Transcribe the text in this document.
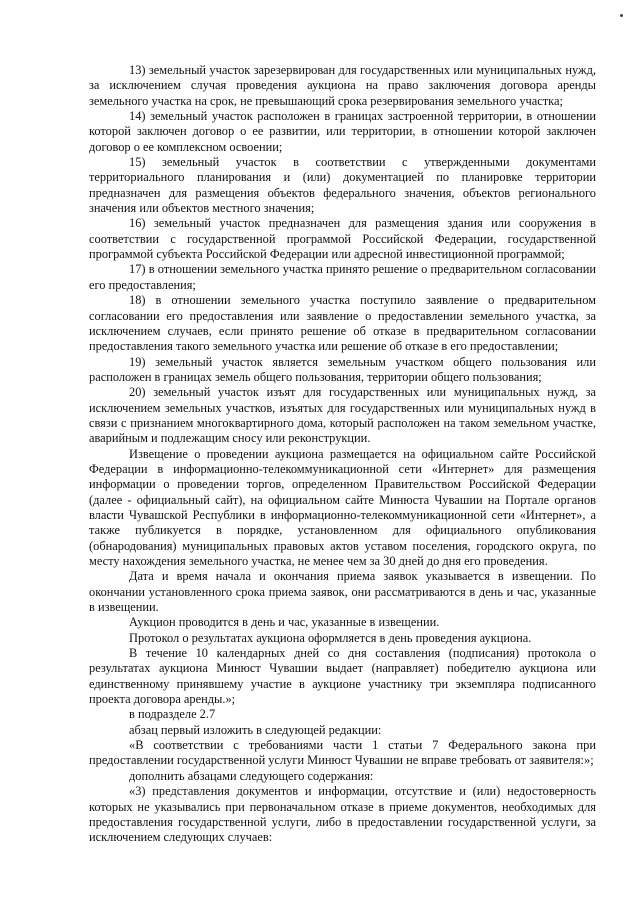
13) земельный участок зарезервирован для государственных или муниципальных нужд, за исключением случая проведения аукциона на право заключения договора аренды земельного участка на срок, не превышающий срока резервирования земельного участка;

14) земельный участок расположен в границах застроенной территории, в отношении которой заключен договор о ее развитии, или территории, в отношении которой заключен договор о ее комплексном освоении;

15) земельный участок в соответствии с утвержденными документами территориального планирования и (или) документацией по планировке территории предназначен для размещения объектов федерального значения, объектов регионального значения или объектов местного значения;

16) земельный участок предназначен для размещения здания или сооружения в соответствии с государственной программой Российской Федерации, государственной программой субъекта Российской Федерации или адресной инвестиционной программой;

17) в отношении земельного участка принято решение о предварительном согласовании его предоставления;

18) в отношении земельного участка поступило заявление о предварительном согласовании его предоставления или заявление о предоставлении земельного участка, за исключением случаев, если принято решение об отказе в предварительном согласовании предоставления такого земельного участка или решение об отказе в его предоставлении;

19) земельный участок является земельным участком общего пользования или расположен в границах земель общего пользования, территории общего пользования;

20) земельный участок изъят для государственных или муниципальных нужд, за исключением земельных участков, изъятых для государственных или муниципальных нужд в связи с признанием многоквартирного дома, который расположен на таком земельном участке, аварийным и подлежащим сносу или реконструкции.

Извещение о проведении аукциона размещается на официальном сайте Российской Федерации в информационно-телекоммуникационной сети «Интернет» для размещения информации о проведении торгов, определенном Правительством Российской Федерации (далее - официальный сайт), на официальном сайте Минюста Чувашии на Портале органов власти Чувашской Республики в информационно-телекоммуникационной сети «Интернет», а также публикуется в порядке, установленном для официального опубликования (обнародования) муниципальных правовых актов уставом поселения, городского округа, по месту нахождения земельного участка, не менее чем за 30 дней до дня его проведения.

Дата и время начала и окончания приема заявок указывается в извещении. По окончании установленного срока приема заявок, они рассматриваются в день и час, указанные в извещении.

Аукцион проводится в день и час, указанные в извещении.

Протокол о результатах аукциона оформляется в день проведения аукциона.

В течение 10 календарных дней со дня составления (подписания) протокола о результатах аукциона Минюст Чувашии выдает (направляет) победителю аукциона или единственному принявшему участие в аукционе участнику три экземпляра подписанного проекта договора аренды.»;

в подразделе 2.7

абзац первый изложить в следующей редакции:

«В соответствии с требованиями части 1 статьи 7 Федерального закона при предоставлении государственной услуги Минюст Чувашии не вправе требовать от заявителя:»;

дополнить абзацами следующего содержания:

«3) представления документов и информации, отсутствие и (или) недостоверность которых не указывались при первоначальном отказе в приеме документов, необходимых для предоставления государственной услуги, либо в предоставлении государственной услуги, за исключением следующих случаев:
